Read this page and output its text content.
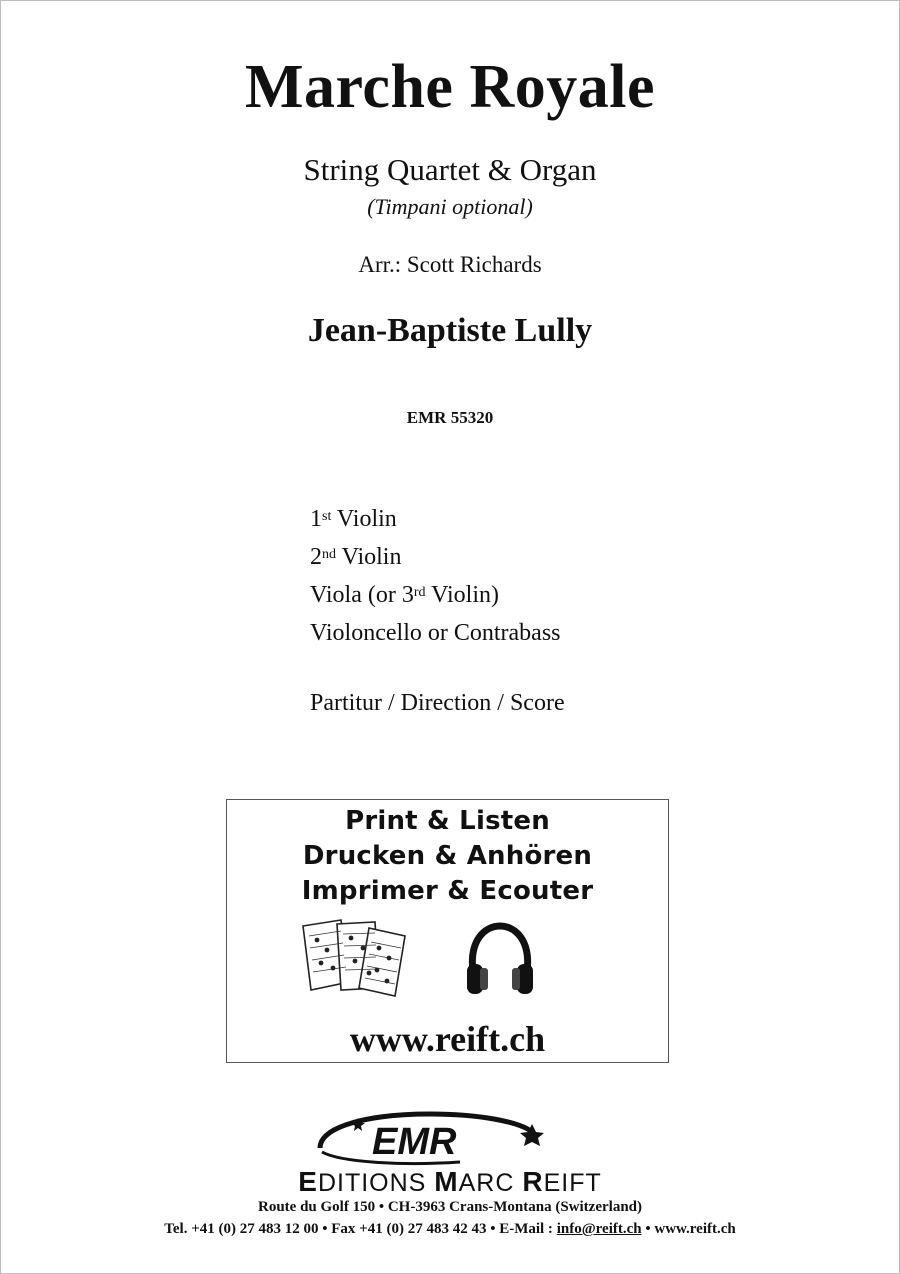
Marche Royale
String Quartet & Organ
(Timpani optional)
Arr.: Scott Richards
Jean-Baptiste Lully
EMR 55320
1st Violin
2nd Violin
Viola (or 3rd Violin)
Violoncello or Contrabass
Partitur / Direction / Score
Print & Listen
Drucken & Anhören
Imprimer & Ecouter
www.reift.ch
EMR
EDITIONS MARC REIFT
Route du Golf 150 • CH-3963 Crans-Montana (Switzerland)
Tel. +41 (0) 27 483 12 00 • Fax +41 (0) 27 483 42 43 • E-Mail : info@reift.ch • www.reift.ch
